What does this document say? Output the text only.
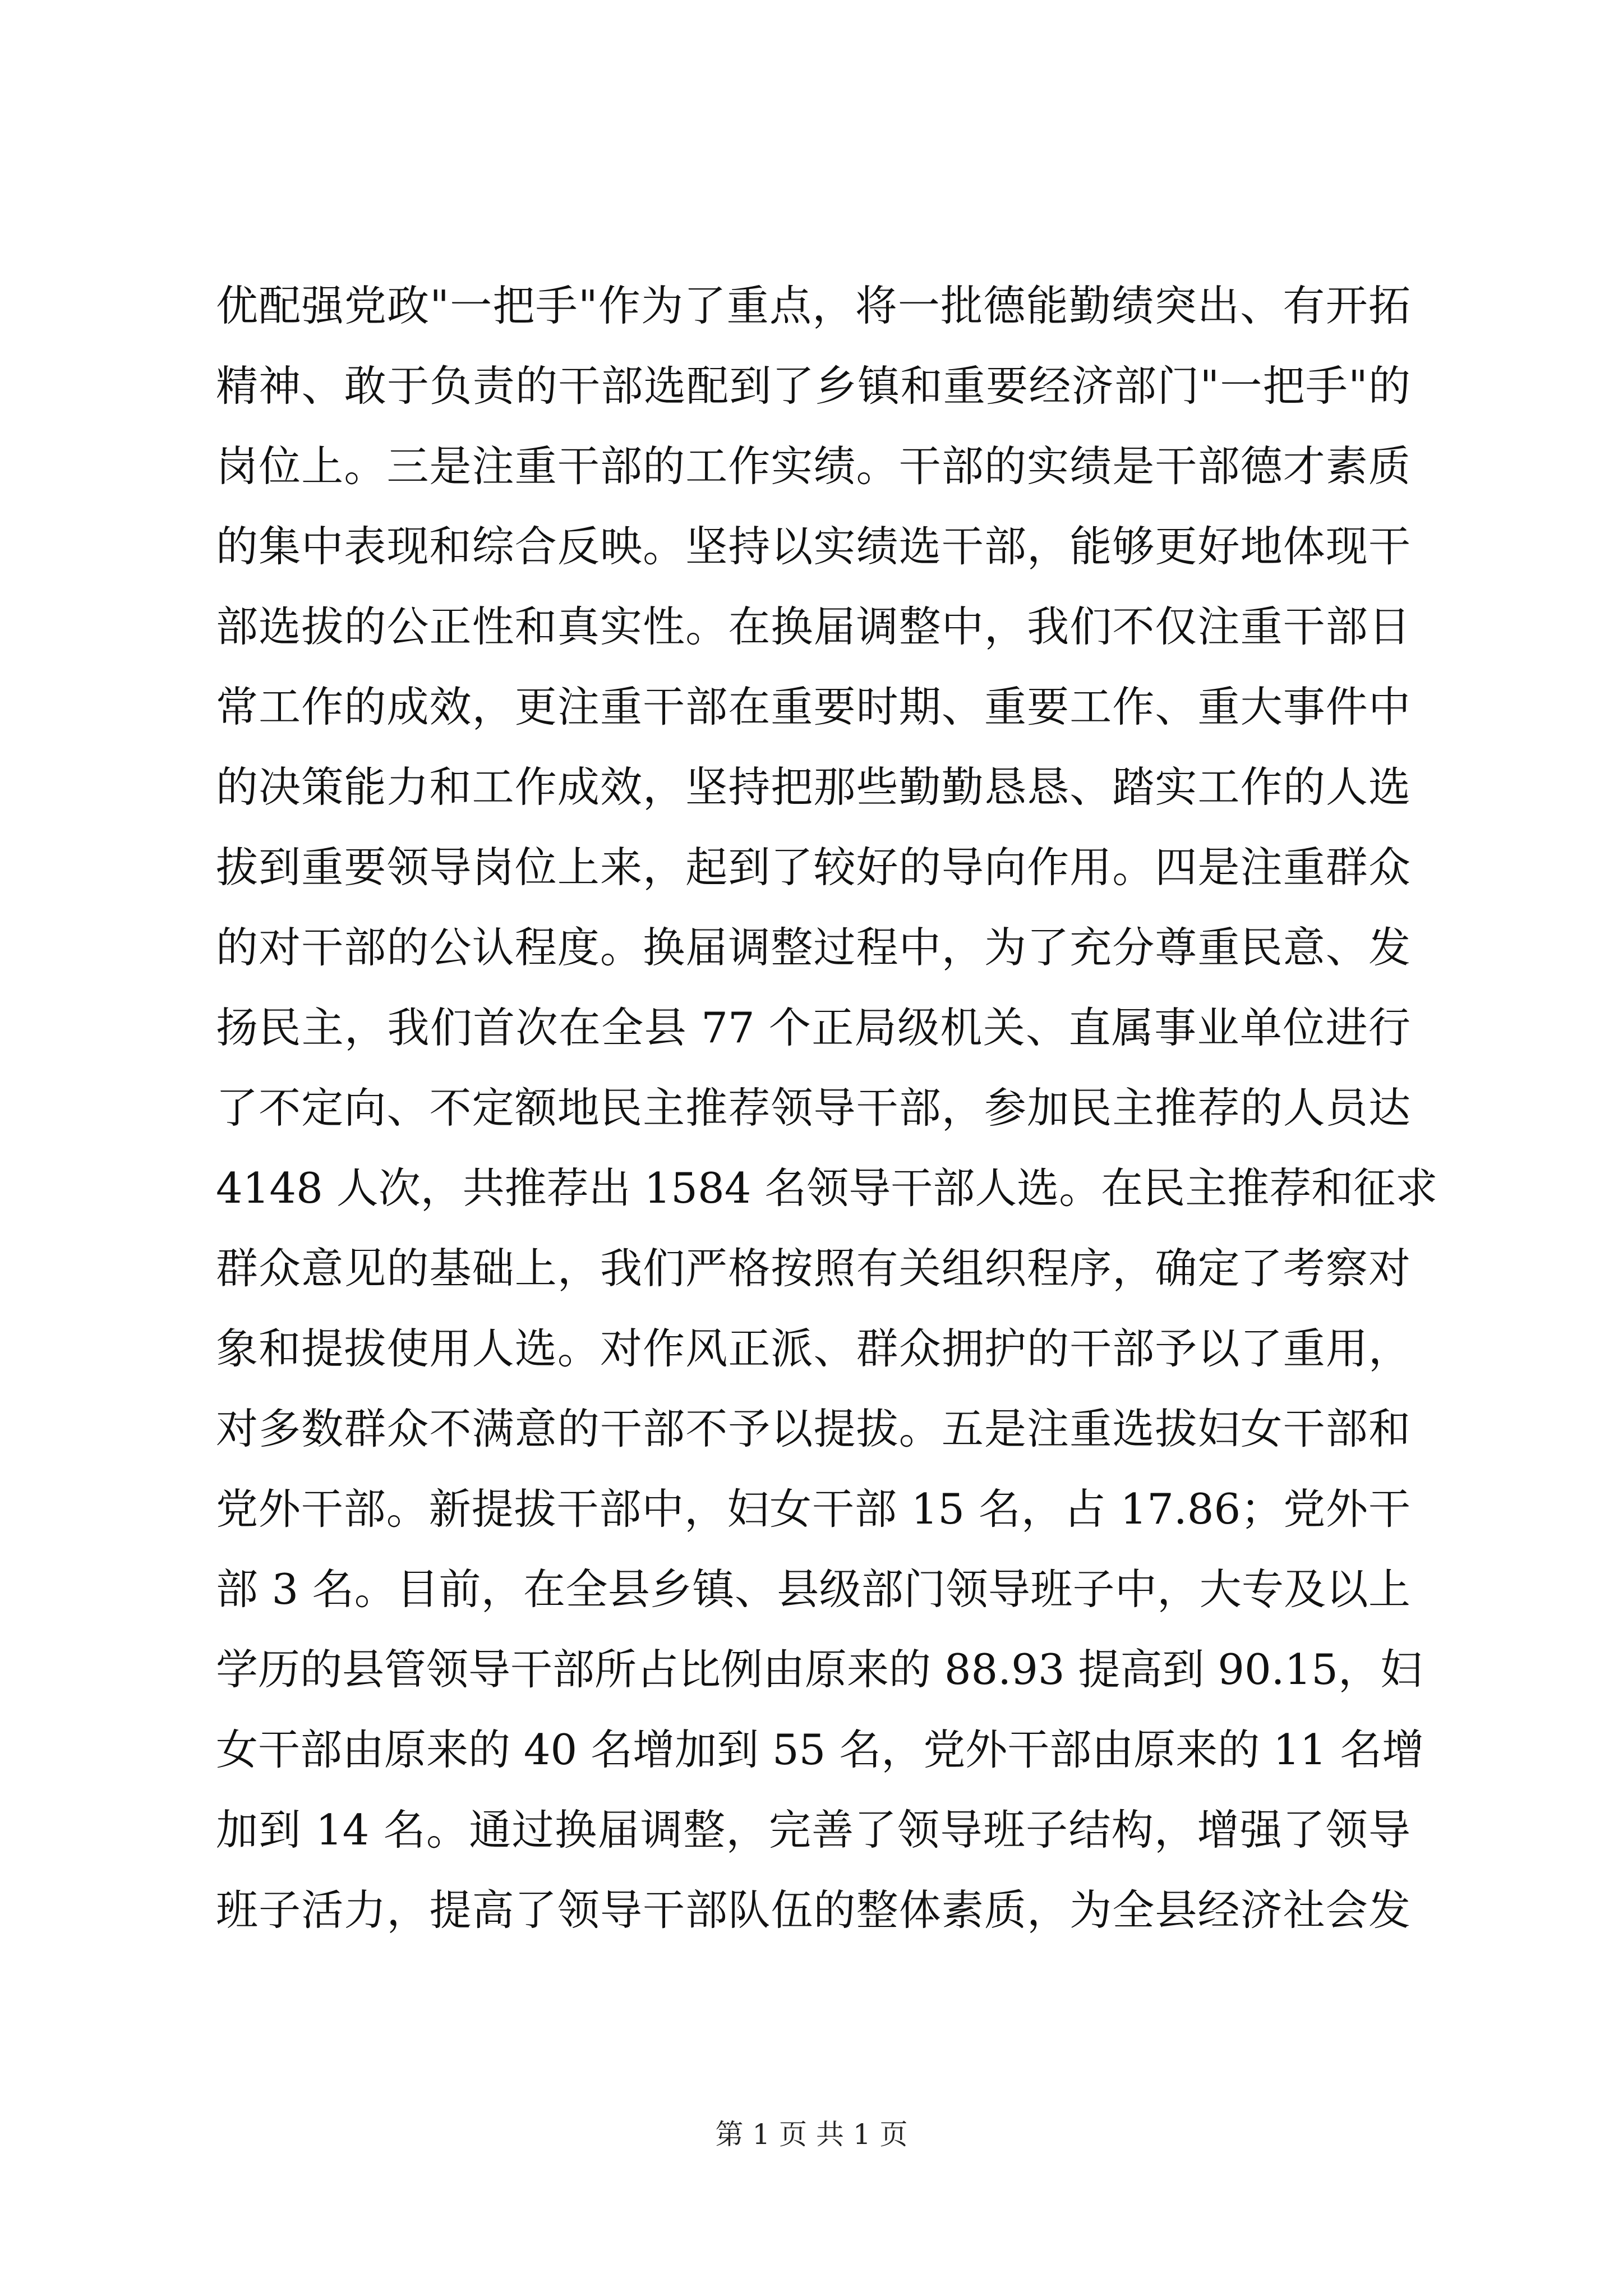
优配强党政"一把手"作为了重点，将一批德能勤绩突出、有开拓
精神、敢于负责的干部选配到了乡镇和重要经济部门"一把手"的
岗位上。三是注重干部的工作实绩。干部的实绩是干部德才素质
的集中表现和综合反映。坚持以实绩选干部，能够更好地体现干
部选拔的公正性和真实性。在换届调整中，我们不仅注重干部日
常工作的成效，更注重干部在重要时期、重要工作、重大事件中
的决策能力和工作成效，坚持把那些勤勤恳恳、踏实工作的人选
拔到重要领导岗位上来，起到了较好的导向作用。四是注重群众
的对干部的公认程度。换届调整过程中，为了充分尊重民意、发
扬民主，我们首次在全县 77 个正局级机关、直属事业单位进行
了不定向、不定额地民主推荐领导干部，参加民主推荐的人员达
4148 人次，共推荐出 1584 名领导干部人选。在民主推荐和征求
群众意见的基础上，我们严格按照有关组织程序，确定了考察对
象和提拔使用人选。对作风正派、群众拥护的干部予以了重用，
对多数群众不满意的干部不予以提拔。五是注重选拔妇女干部和
党外干部。新提拔干部中，妇女干部 15 名，占 17.86；党外干
部 3 名。目前，在全县乡镇、县级部门领导班子中，大专及以上
学历的县管领导干部所占比例由原来的 88.93 提高到 90.15，妇
女干部由原来的 40 名增加到 55 名，党外干部由原来的 11 名增
加到 14 名。通过换届调整，完善了领导班子结构，增强了领导
班子活力，提高了领导干部队伍的整体素质，为全县经济社会发
第 1 页 共 1 页
